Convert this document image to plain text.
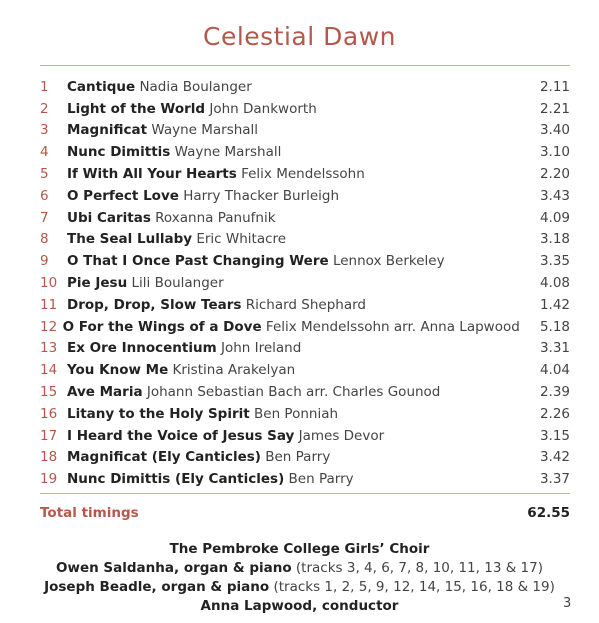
Celestial Dawn
1	Cantique Nadia Boulanger	2.11
2	Light of the World John Dankworth	2.21
3	Magnificat Wayne Marshall	3.40
4	Nunc Dimittis Wayne Marshall	3.10
5	If With All Your Hearts Felix Mendelssohn	2.20
6	O Perfect Love Harry Thacker Burleigh	3.43
7	Ubi Caritas Roxanna Panufnik	4.09
8	The Seal Lullaby Eric Whitacre	3.18
9	O That I Once Past Changing Were Lennox Berkeley	3.35
10 Pie Jesu Lili Boulanger	4.08
11 Drop, Drop, Slow Tears Richard Shephard	1.42
12 O For the Wings of a Dove Felix Mendelssohn arr. Anna Lapwood	5.18
13 Ex Ore Innocentium John Ireland	3.31
14 You Know Me Kristina Arakelyan	4.04
15 Ave Maria Johann Sebastian Bach arr. Charles Gounod	2.39
16 Litany to the Holy Spirit Ben Ponniah	2.26
17 I Heard the Voice of Jesus Say James Devor	3.15
18 Magnificat (Ely Canticles) Ben Parry	3.42
19 Nunc Dimittis (Ely Canticles) Ben Parry	3.37
Total timings	62.55
The Pembroke College Girls’ Choir
Owen Saldanha, organ & piano (tracks 3, 4, 6, 7, 8, 10, 11, 13 & 17)
Joseph Beadle, organ & piano (tracks 1, 2, 5, 9, 12, 14, 15, 16, 18 & 19)
Anna Lapwood, conductor	3
